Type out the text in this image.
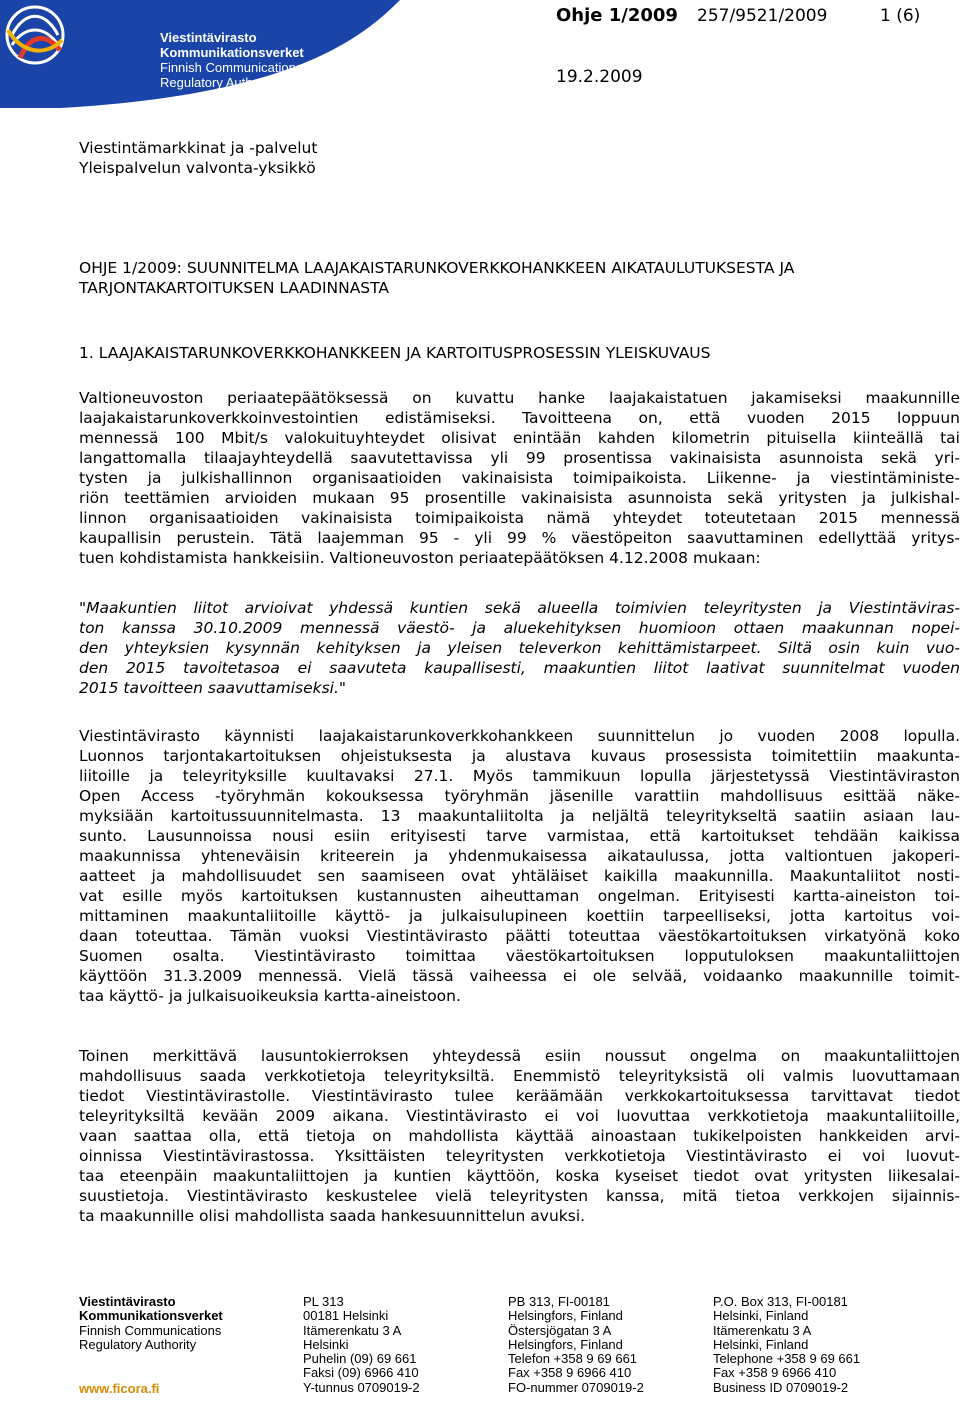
Viestintävirasto
Kommunikationsverket
Finnish Communications
Regulatory Authority
Ohje 1/2009 257/9521/2009	1 (6)
19.2.2009
Viestintämarkkinat ja -palvelut
Yleispalvelun valvonta-yksikkö
OHJE 1/2009: SUUNNITELMA LAAJAKAISTARUNKOVERKKOHANKKEEN AIKATAULUTUKSESTA JA
TARJONTAKARTOITUKSEN LAADINNASTA
1. LAAJAKAISTARUNKOVERKKOHANKKEEN JA KARTOITUSPROSESSIN YLEISKUVAUS
Valtioneuvoston periaatepäätöksessä on kuvattu hanke laajakaistatuen jakamiseksi maakunnille
laajakaistarunkoverkkoinvestointien edistämiseksi. Tavoitteena on, että vuoden 2015 loppuun
mennessä 100 Mbit/s valokuituyhteydet olisivat enintään kahden kilometrin pituisella kiinteällä tai
langattomalla tilaajayhteydellä saavutettavissa yli 99 prosentissa vakinaisista asunnoista sekä yri-
tysten ja julkishallinnon organisaatioiden vakinaisista toimipaikoista. Liikenne- ja viestintäministe-
riön teettämien arvioiden mukaan 95 prosentille vakinaisista asunnoista sekä yritysten ja julkishal-
linnon organisaatioiden vakinaisista toimipaikoista nämä yhteydet toteutetaan 2015 mennessä
kaupallisin perustein. Tätä laajemman 95 - yli 99 % väestöpeiton saavuttaminen edellyttää yritys-
tuen kohdistamista hankkeisiin. Valtioneuvoston periaatepäätöksen 4.12.2008 mukaan:
"Maakuntien liitot arvioivat yhdessä kuntien sekä alueella toimivien teleyritysten ja Viestintäviras-
ton kanssa 30.10.2009 mennessä väestö- ja aluekehityksen huomioon ottaen maakunnan nopei-
den yhteyksien kysynnän kehityksen ja yleisen televerkon kehittämistarpeet. Siltä osin kuin vuo-
den 2015 tavoitetasoa ei saavuteta kaupallisesti, maakuntien liitot laativat suunnitelmat vuoden
2015 tavoitteen saavuttamiseksi."
Viestintävirasto käynnisti laajakaistarunkoverkkohankkeen suunnittelun jo vuoden 2008 lopulla.
Luonnos tarjontakartoituksen ohjeistuksesta ja alustava kuvaus prosessista toimitettiin maakunta-
liitoille ja teleyrityksille kuultavaksi 27.1. Myös tammikuun lopulla järjestetyssä Viestintäviraston
Open Access -työryhmän kokouksessa työryhmän jäsenille varattiin mahdollisuus esittää näke-
myksiään kartoitussuunnitelmasta. 13 maakuntaliitolta ja neljältä teleyritykseltä saatiin asiaan lau-
sunto. Lausunnoissa nousi esiin erityisesti tarve varmistaa, että kartoitukset tehdään kaikissa
maakunnissa yhteneväisin kriteerein ja yhdenmukaisessa aikataulussa, jotta valtiontuen jakoperi-
aatteet ja mahdollisuudet sen saamiseen ovat yhtäläiset kaikilla maakunnilla. Maakuntaliitot nosti-
vat esille myös kartoituksen kustannusten aiheuttaman ongelman. Erityisesti kartta-aineiston toi-
mittaminen maakuntaliitoille käyttö- ja julkaisulupineen koettiin tarpeelliseksi, jotta kartoitus voi-
daan toteuttaa. Tämän vuoksi Viestintävirasto päätti toteuttaa väestökartoituksen virkatyönä koko
Suomen osalta. Viestintävirasto toimittaa väestökartoituksen lopputuloksen maakuntaliittojen
käyttöön 31.3.2009 mennessä. Vielä tässä vaiheessa ei ole selvää, voidaanko maakunnille toimit-
taa käyttö- ja julkaisuoikeuksia kartta-aineistoon.
Toinen merkittävä lausuntokierroksen yhteydessä esiin noussut ongelma on maakuntaliittojen
mahdollisuus saada verkkotietoja teleyrityksiltä. Enemmistö teleyrityksistä oli valmis luovuttamaan
tiedot Viestintävirastolle. Viestintävirasto tulee keräämään verkkokartoituksessa tarvittavat tiedot
teleyrityksiltä kevään 2009 aikana. Viestintävirasto ei voi luovuttaa verkkotietoja maakuntaliitoille,
vaan saattaa olla, että tietoja on mahdollista käyttää ainoastaan tukikelpoisten hankkeiden arvi-
oinnissa Viestintävirastossa. Yksittäisten teleyritysten verkkotietoja Viestintävirasto ei voi luovut-
taa eteenpäin maakuntaliittojen ja kuntien käyttöön, koska kyseiset tiedot ovat yritysten liikesalai-
suustietoja. Viestintävirasto keskustelee vielä teleyritysten kanssa, mitä tietoa verkkojen sijainnis-
ta maakunnille olisi mahdollista saada hankesuunnittelun avuksi.
Viestintävirasto
Kommunikationsverket
Finnish Communications
Regulatory Authority
PL 313
00181 Helsinki
Itämerenkatu 3 A
Helsinki
Puhelin (09) 69 661
Faksi (09) 6966 410
Y-tunnus 0709019-2
PB 313, FI-00181
Helsingfors, Finland
Östersjögatan 3 A
Helsingfors, Finland
Telefon +358 9 69 661
Fax +358 9 6966 410
FO-nummer 0709019-2
P.O. Box 313, FI-00181
Helsinki, Finland
Itämerenkatu 3 A
Helsinki, Finland
Telephone +358 9 69 661
Fax +358 9 6966 410
Business ID 0709019-2
www.ficora.fi
